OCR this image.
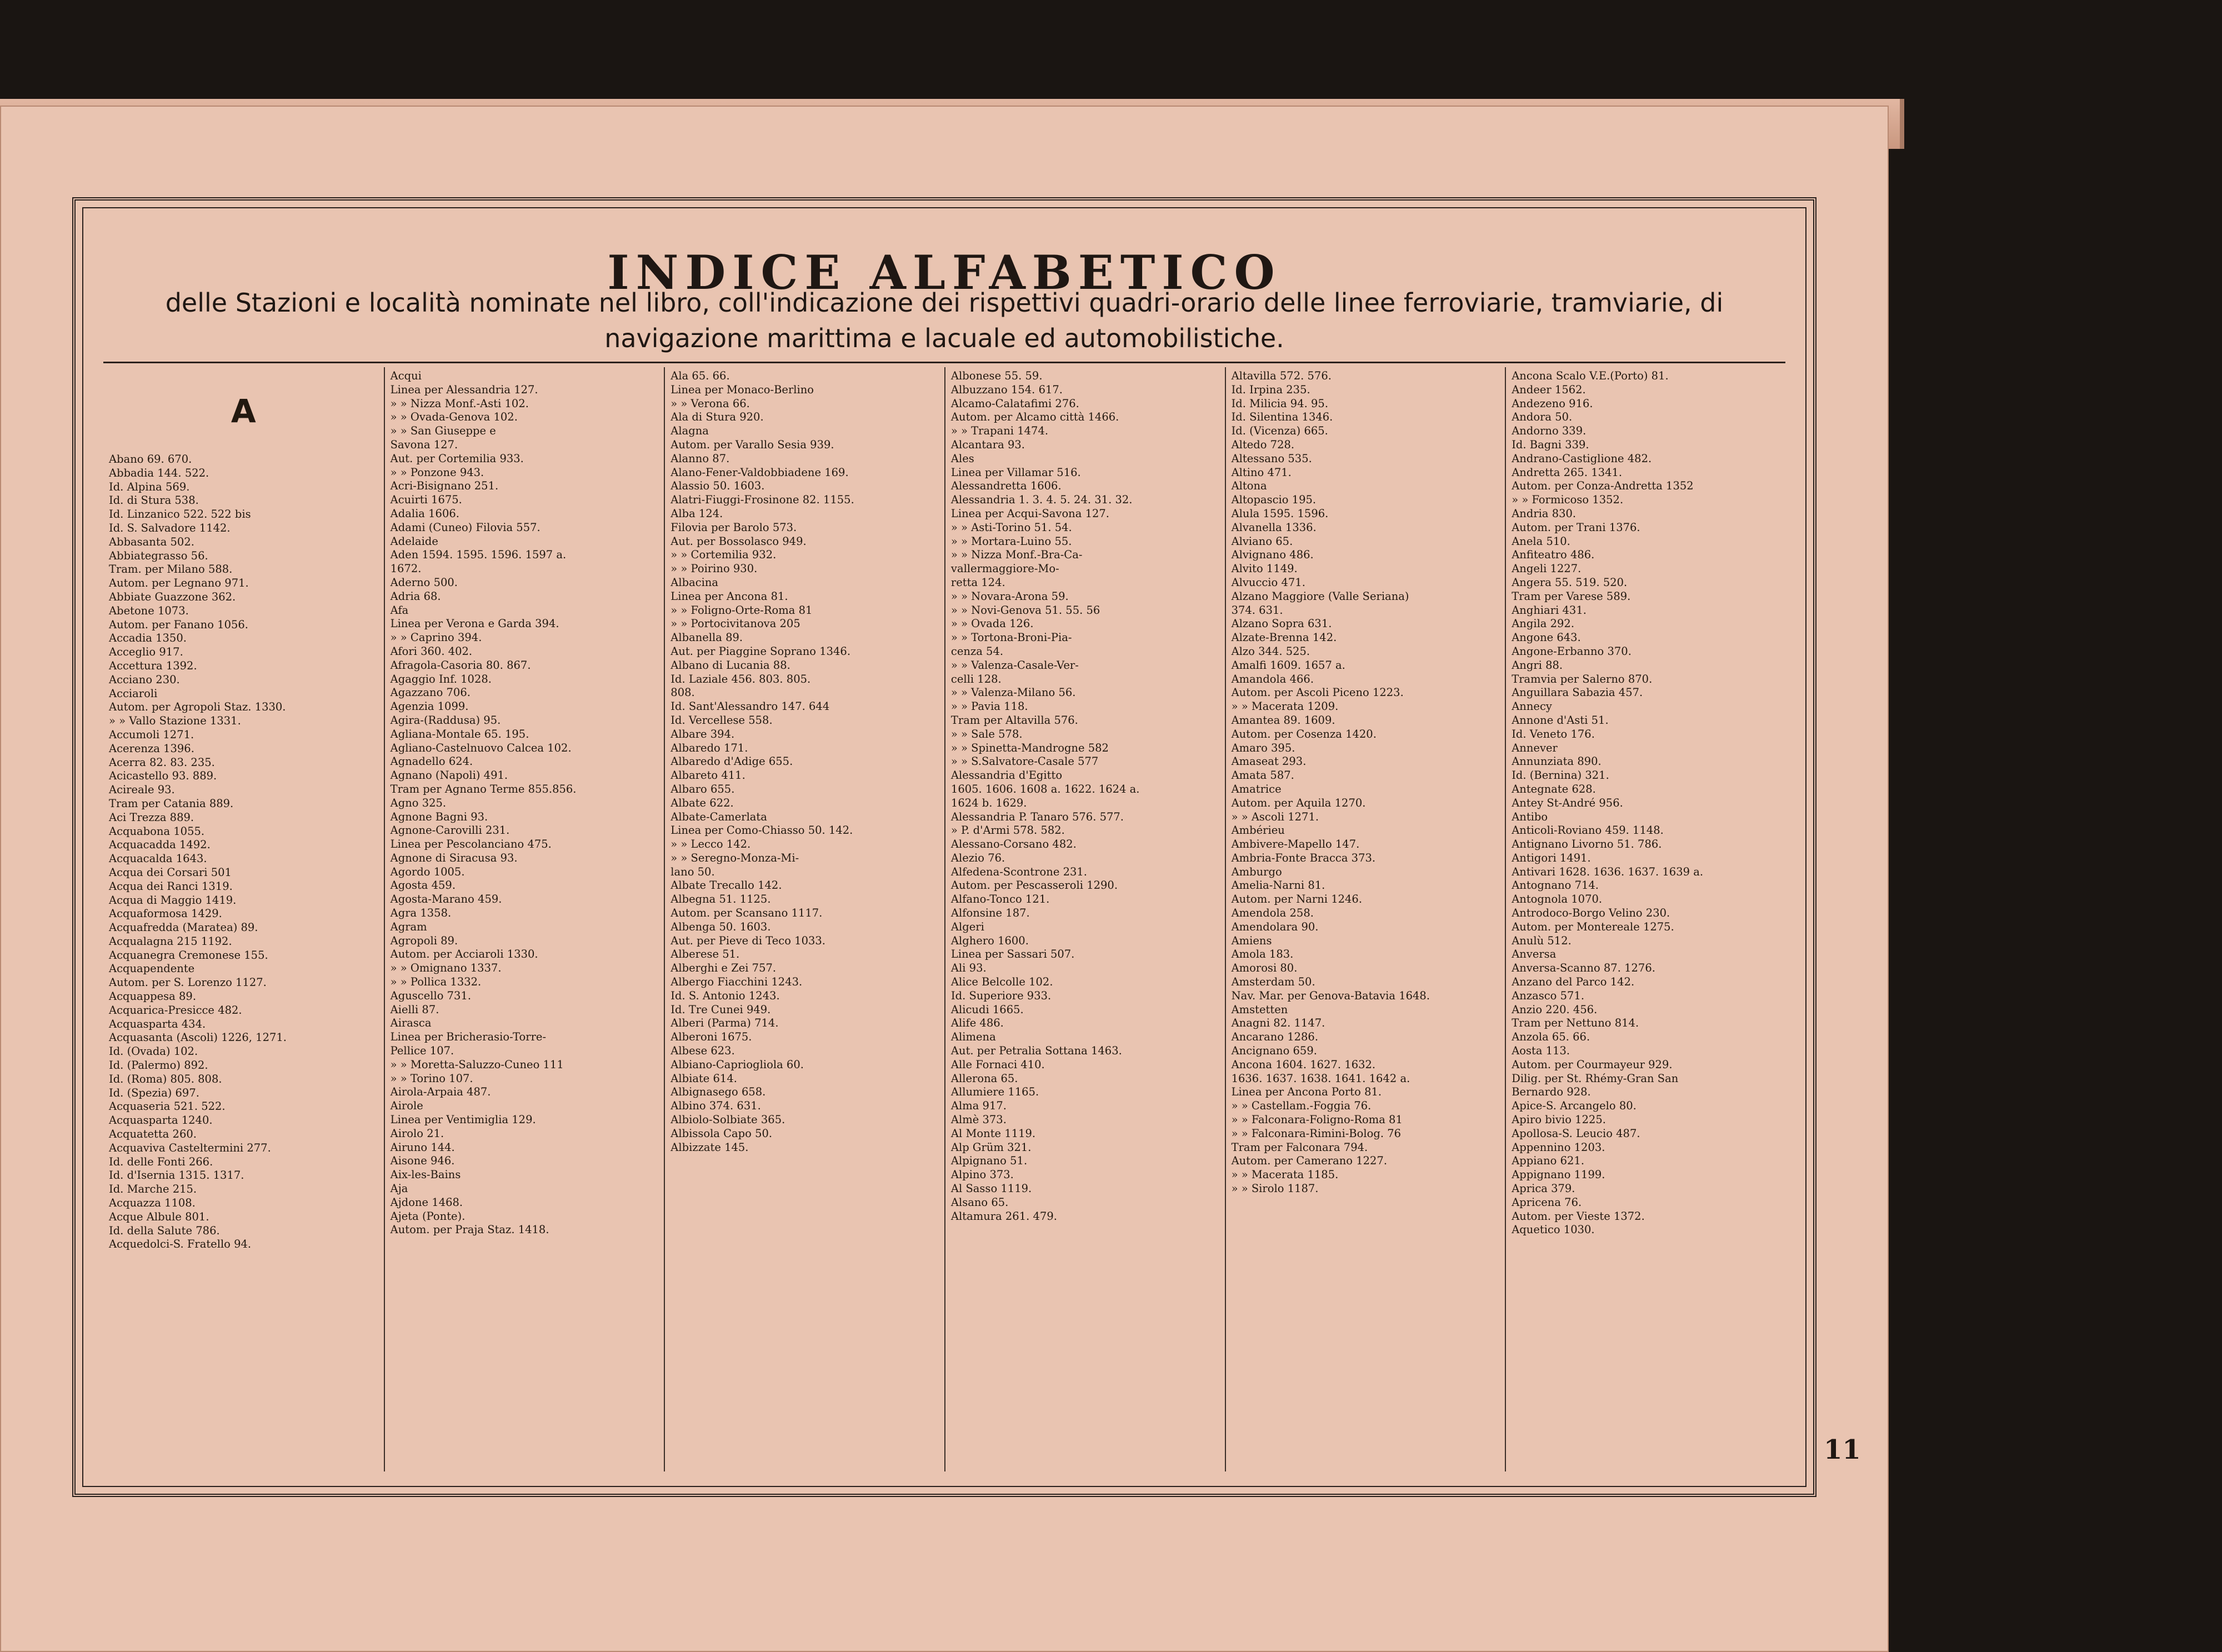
INDICE ALFABETICO
delle Stazioni e località nominate nel libro, coll'indicazione dei rispettivi quadri-orario delle linee ferroviarie, tramviarie, di navigazione marittima e lacuale ed automobilistiche.
A
Abano 69. 670.
Abbadia 144. 522.
Id. Alpina 569.
Id. di Stura 538.
Id. Linzanico 522. 522 bis
Id. S. Salvadore 1142.
Abbasanta 502.
Abbiategrasso 56.
Tram. per Milano 588.
Autom. per Legnano 971.
Abbiate Guazzone 362.
Abetone 1073.
Autom. per Fanano 1056.
Accadia 1350.
Acceglio 917.
Accettura 1392.
Acciano 230.
Acciaroli
Autom. per Agropoli Staz. 1330.
» » Vallo Stazione 1331.
Accumoli 1271.
Acerenza 1396.
Acerra 82. 83. 235.
Acicastello 93. 889.
Acireale 93.
Tram per Catania 889.
Aci Trezza 889.
Acquabona 1055.
Acquacadda 1492.
Acquacalda 1643.
Acqua dei Corsari 501
Acqua dei Ranci 1319.
Acqua di Maggio 1419.
Acquaformosa 1429.
Acquafredda (Maratea) 89.
Acqualagna 215 1192.
Acquanegra Cremonese 155.
Acquapendente
Autom. per S. Lorenzo 1127.
Acquappesa 89.
Acquarica-Presicce 482.
Acquasparta 434.
Acquasanta (Ascoli) 1226, 1271.
Id. (Ovada) 102.
Id. (Palermo) 892.
Id. (Roma) 805. 808.
Id. (Spezia) 697.
Acquaseria 521. 522.
Acquasparta 1240.
Acquatetta 260.
Acquaviva Casteltermini 277.
Id. delle Fonti 266.
Id. d'Isernia 1315. 1317.
Id. Marche 215.
Acquazza 1108.
Acque Albule 801.
Id. della Salute 786.
Acquedolci-S. Fratello 94.
Acqui
Linea per Alessandria 127.
» » Nizza Monf.-Asti 102.
» » Ovada-Genova 102.
» » San Giuseppe e
Savona 127.
Aut. per Cortemilia 933.
» » Ponzone 943.
Acri-Bisignano 251.
Acuirti 1675.
Adalia 1606.
Adami (Cuneo) Filovia 557.
Adelaide
Aden 1594. 1595. 1596. 1597 a.
1672.
Aderno 500.
Adria 68.
Afa
Linea per Verona e Garda 394.
» » Caprino 394.
Afori 360. 402.
Afragola-Casoria 80. 867.
Agaggio Inf. 1028.
Agazzano 706.
Agenzia 1099.
Agira-(Raddusa) 95.
Agliana-Montale 65. 195.
Agliano-Castelnuovo Calcea 102.
Agnadello 624.
Agnano (Napoli) 491.
Tram per Agnano Terme 855.856.
Agno 325.
Agnone Bagni 93.
Agnone-Carovilli 231.
Linea per Pescolanciano 475.
Agnone di Siracusa 93.
Agordo 1005.
Agosta 459.
Agosta-Marano 459.
Agra 1358.
Agram
Agropoli 89.
Autom. per Acciaroli 1330.
» » Omignano 1337.
» » Pollica 1332.
Aguscello 731.
Aielli 87.
Airasca
Linea per Bricherasio-Torre-
Pellice 107.
» » Moretta-Saluzzo-Cuneo 111
» » Torino 107.
Airola-Arpaia 487.
Airole
Linea per Ventimiglia 129.
Airolo 21.
Airuno 144.
Aisone 946.
Aix-les-Bains
Aja
Ajdone 1468.
Ajeta (Ponte).
Autom. per Praja Staz. 1418.
Ala 65. 66.
Linea per Monaco-Berlino
» » Verona 66.
Ala di Stura 920.
Alagna
Autom. per Varallo Sesia 939.
Alanno 87.
Alano-Fener-Valdobbiadene 169.
Alassio 50. 1603.
Alatri-Fiuggi-Frosinone 82. 1155.
Alba 124.
Filovia per Barolo 573.
Aut. per Bossolasco 949.
» » Cortemilia 932.
» » Poirino 930.
Albacina
Linea per Ancona 81.
» » Foligno-Orte-Roma 81
» » Portocivitanova 205
Albanella 89.
Aut. per Piaggine Soprano 1346.
Albano di Lucania 88.
Id. Laziale 456. 803. 805.
808.
Id. Sant'Alessandro 147. 644
Id. Vercellese 558.
Albare 394.
Albaredo 171.
Albaredo d'Adige 655.
Albareto 411.
Albaro 655.
Albate 622.
Albate-Camerlata
Linea per Como-Chiasso 50. 142.
» » Lecco 142.
» » Seregno-Monza-Mi-
lano 50.
Albate Trecallo 142.
Albegna 51. 1125.
Autom. per Scansano 1117.
Albenga 50. 1603.
Aut. per Pieve di Teco 1033.
Alberese 51.
Alberghi e Zei 757.
Albergo Fiacchini 1243.
Id. S. Antonio 1243.
Id. Tre Cunei 949.
Alberi (Parma) 714.
Alberoni 1675.
Albese 623.
Albiano-Capriogliola 60.
Albiate 614.
Albignasego 658.
Albino 374. 631.
Albiolo-Solbiate 365.
Albissola Capo 50.
Albizzate 145.
Albonese 55. 59.
Albuzzano 154. 617.
Alcamo-Calatafimi 276.
Autom. per Alcamo città 1466.
» » Trapani 1474.
Alcantara 93.
Ales
Linea per Villamar 516.
Alessandretta 1606.
Alessandria 1. 3. 4. 5. 24. 31. 32.
Linea per Acqui-Savona 127.
» » Asti-Torino 51. 54.
» » Mortara-Luino 55.
» » Nizza Monf.-Bra-Ca-
vallermaggiore-Mo-
retta 124.
» » Novara-Arona 59.
» » Novi-Genova 51. 55. 56
» » Ovada 126.
» » Tortona-Broni-Pia-
cenza 54.
» » Valenza-Casale-Ver-
celli 128.
» » Valenza-Milano 56.
» » Pavia 118.
Tram per Altavilla 576.
» » Sale 578.
» » Spinetta-Mandrogne 582
» » S.Salvatore-Casale 577
Alessandria d'Egitto
1605. 1606. 1608 a. 1622. 1624 a.
1624 b. 1629.
Alessandria P. Tanaro 576. 577.
» P. d'Armi 578. 582.
Alessano-Corsano 482.
Alezio 76.
Alfedena-Scontrone 231.
Autom. per Pescasseroli 1290.
Alfano-Tonco 121.
Alfonsine 187.
Algeri
Alghero 1600.
Linea per Sassari 507.
Ali 93.
Alice Belcolle 102.
Id. Superiore 933.
Alicudi 1665.
Alife 486.
Alimena
Aut. per Petralia Sottana 1463.
Alle Fornaci 410.
Allerona 65.
Allumiere 1165.
Alma 917.
Almè 373.
Al Monte 1119.
Alp Grüm 321.
Alpignano 51.
Alpino 373.
Al Sasso 1119.
Alsano 65.
Altamura 261. 479.
Altavilla 572. 576.
Id. Irpina 235.
Id. Milicia 94. 95.
Id. Silentina 1346.
Id. (Vicenza) 665.
Altedo 728.
Altessano 535.
Altino 471.
Altona
Altopascio 195.
Alula 1595. 1596.
Alvanella 1336.
Alviano 65.
Alvignano 486.
Alvito 1149.
Alvuccio 471.
Alzano Maggiore (Valle Seriana)
374. 631.
Alzano Sopra 631.
Alzate-Brenna 142.
Alzo 344. 525.
Amalfi 1609. 1657 a.
Amandola 466.
Autom. per Ascoli Piceno 1223.
» » Macerata 1209.
Amantea 89. 1609.
Autom. per Cosenza 1420.
Amaro 395.
Amaseat 293.
Amata 587.
Amatrice
Autom. per Aquila 1270.
» » Ascoli 1271.
Ambérieu
Ambivere-Mapello 147.
Ambria-Fonte Bracca 373.
Amburgo
Amelia-Narni 81.
Autom. per Narni 1246.
Amendola 258.
Amendolara 90.
Amiens
Amola 183.
Amorosi 80.
Amsterdam 50.
Nav. Mar. per Genova-Batavia 1648.
Amstetten
Anagni 82. 1147.
Ancarano 1286.
Ancignano 659.
Ancona 1604. 1627. 1632.
1636. 1637. 1638. 1641. 1642 a.
Linea per Ancona Porto 81.
» » Castellam.-Foggia 76.
» » Falconara-Foligno-Roma 81
» » Falconara-Rimini-Bolog. 76
Tram per Falconara 794.
Autom. per Camerano 1227.
» » Macerata 1185.
» » Sirolo 1187.
Ancona Scalo V.E.(Porto) 81.
Andeer 1562.
Andezeno 916.
Andora 50.
Andorno 339.
Id. Bagni 339.
Andrano-Castiglione 482.
Andretta 265. 1341.
Autom. per Conza-Andretta 1352
» » Formicoso 1352.
Andria 830.
Autom. per Trani 1376.
Anela 510.
Anfiteatro 486.
Angeli 1227.
Angera 55. 519. 520.
Tram per Varese 589.
Anghiari 431.
Angila 292.
Angone 643.
Angone-Erbanno 370.
Angri 88.
Tramvia per Salerno 870.
Anguillara Sabazia 457.
Annecy
Annone d'Asti 51.
Id. Veneto 176.
Annever
Annunziata 890.
Id. (Bernina) 321.
Antegnate 628.
Antey St-André 956.
Antibo
Anticoli-Roviano 459. 1148.
Antignano Livorno 51. 786.
Antigori 1491.
Antivari 1628. 1636. 1637. 1639 a.
Antognano 714.
Antognola 1070.
Antrodoco-Borgo Velino 230.
Autom. per Montereale 1275.
Anulù 512.
Anversa
Anversa-Scanno 87. 1276.
Anzano del Parco 142.
Anzasco 571.
Anzio 220. 456.
Tram per Nettuno 814.
Anzola 65. 66.
Aosta 113.
Autom. per Courmayeur 929.
Dilig. per St. Rhémy-Gran San
Bernardo 928.
Apice-S. Arcangelo 80.
Apiro bivio 1225.
Apollosa-S. Leucio 487.
Appennino 1203.
Appiano 621.
Appignano 1199.
Aprica 379.
Apricena 76.
Autom. per Vieste 1372.
Aquetico 1030.
11
